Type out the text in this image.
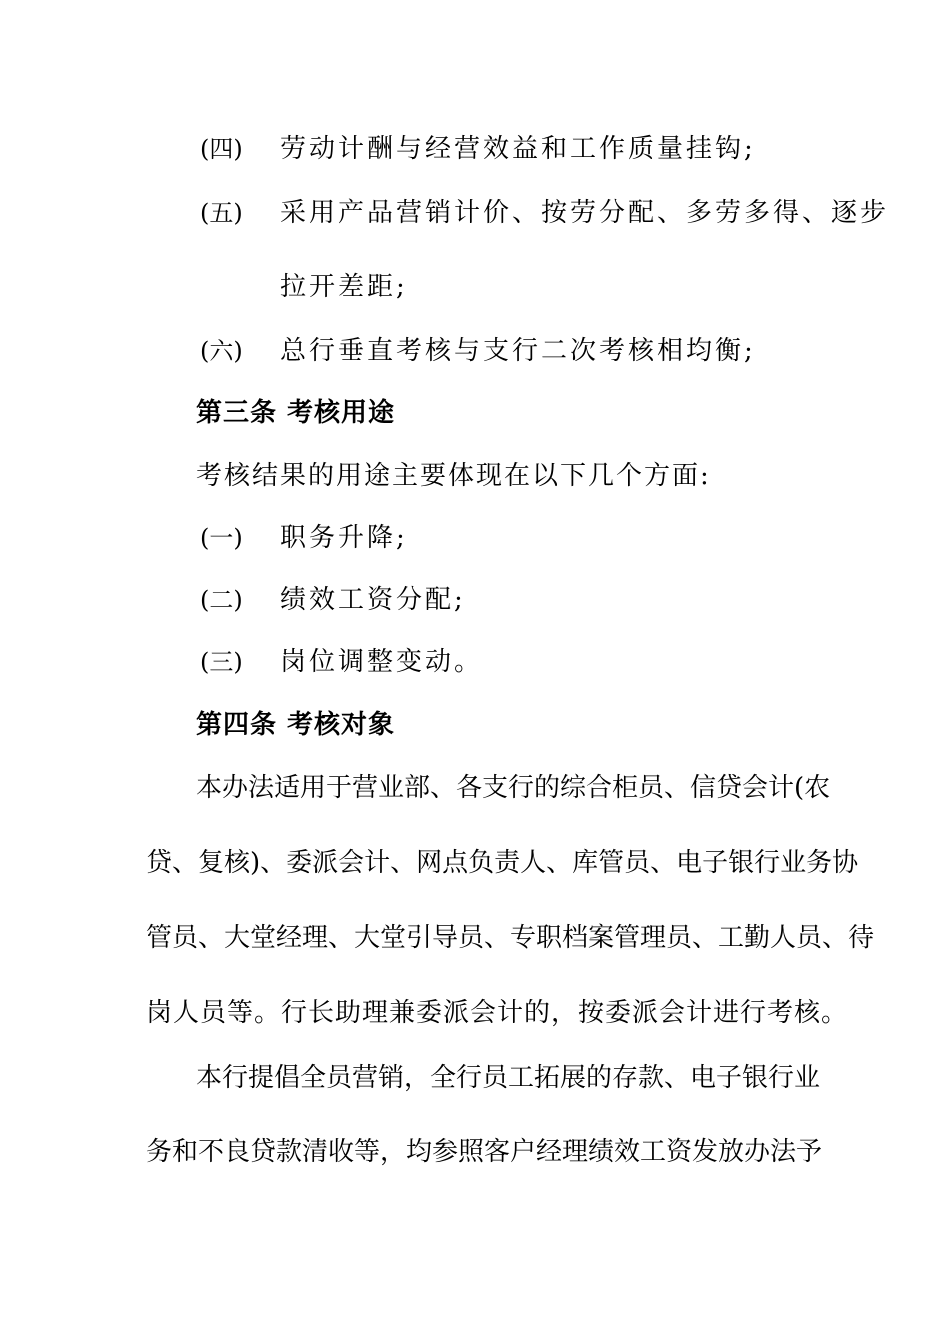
(四) 劳动计酬与经营效益和工作质量挂钩;
(五) 采用产品营销计价、按劳分配、多劳多得、逐步
拉开差距;
(六) 总行垂直考核与支行二次考核相均衡;
第三条 考核用途
考核结果的用途主要体现在以下几个方面:
(一) 职务升降;
(二) 绩效工资分配;
(三) 岗位调整变动。
第四条 考核对象
本办法适用于营业部、各支行的综合柜员、信贷会计(农
贷、复核)、委派会计、网点负责人、库管员、电子银行业务协
管员、大堂经理、大堂引导员、专职档案管理员、工勤人员、待
岗人员等。行长助理兼委派会计的，按委派会计进行考核。
本行提倡全员营销，全行员工拓展的存款、电子银行业
务和不良贷款清收等，均参照客户经理绩效工资发放办法予
